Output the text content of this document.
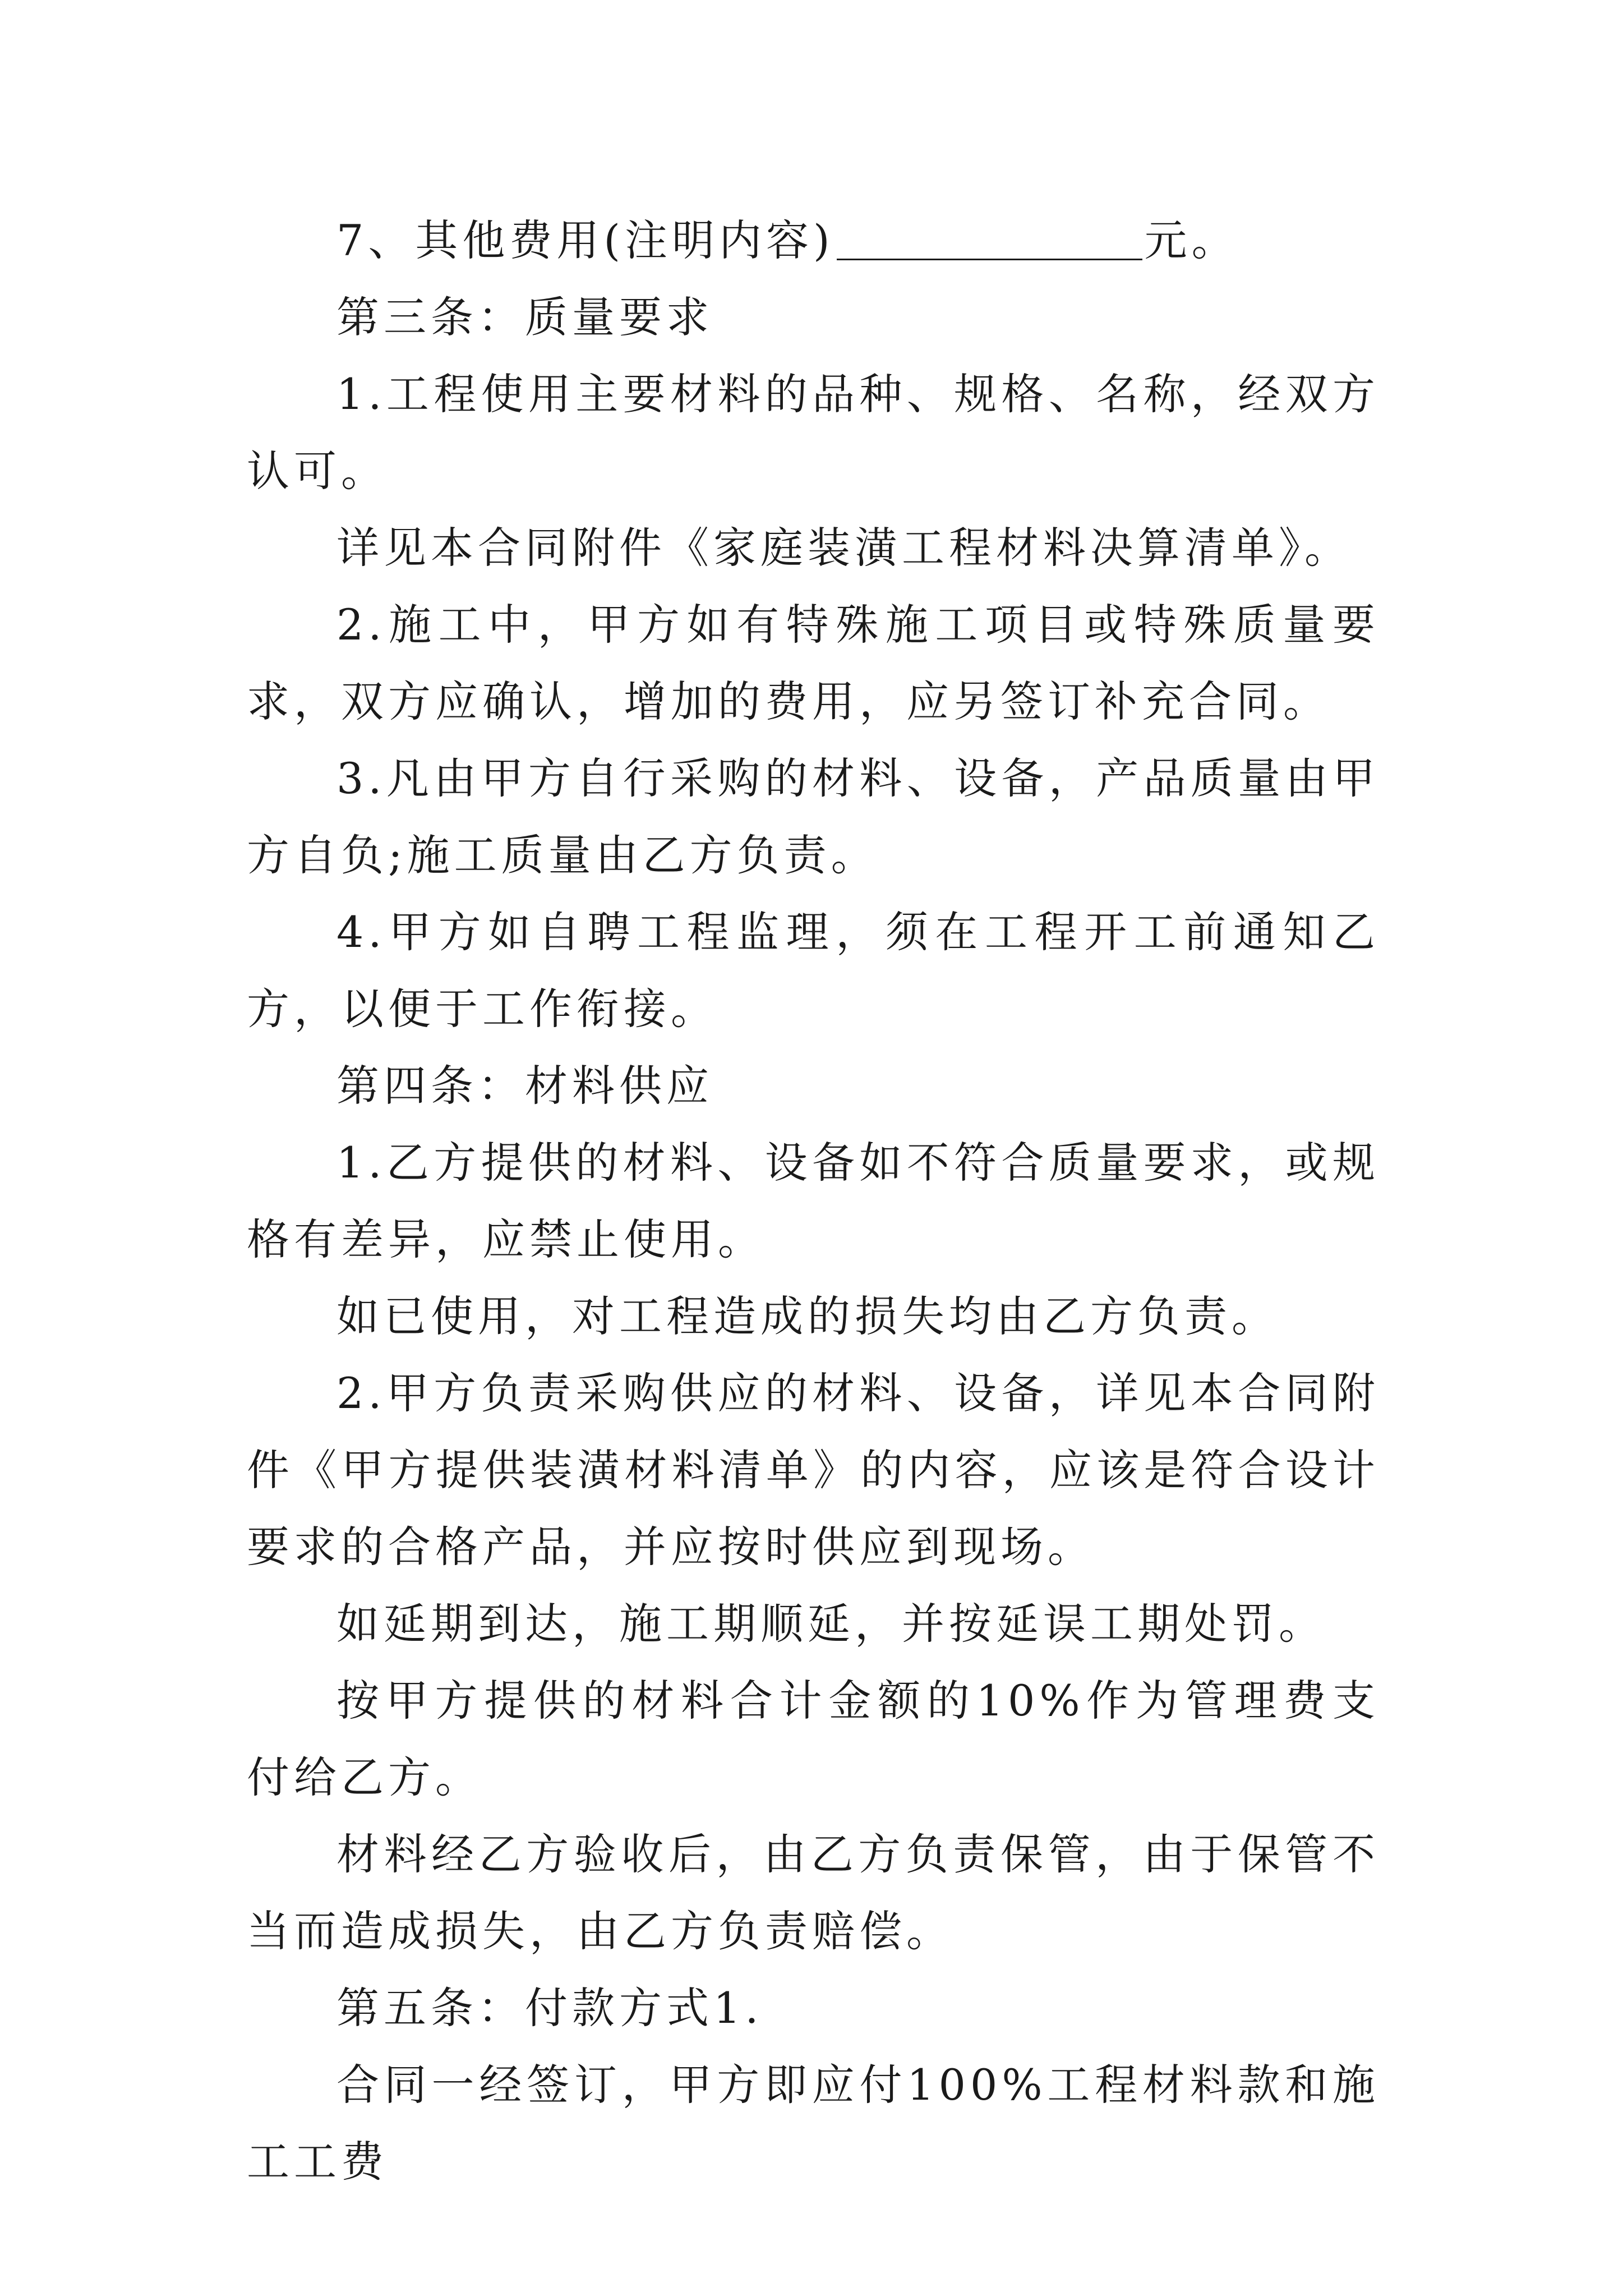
7、其他费用(注明内容)	元。

第三条：质量要求

1.工程使用主要材料的品种、规格、名称，经双方认可。

详见本合同附件《家庭装潢工程材料决算清单》。

2.施工中，甲方如有特殊施工项目或特殊质量要求，双方应确认，增加的费用，应另签订补充合同。

3.凡由甲方自行采购的材料、设备，产品质量由甲方自负;施工质量由乙方负责。

4.甲方如自聘工程监理，须在工程开工前通知乙方，以便于工作衔接。

第四条：材料供应

1.乙方提供的材料、设备如不符合质量要求，或规格有差异，应禁止使用。

如已使用，对工程造成的损失均由乙方负责。

2.甲方负责采购供应的材料、设备，详见本合同附件《甲方提供装潢材料清单》的内容，应该是符合设计要求的合格产品，并应按时供应到现场。

如延期到达，施工期顺延，并按延误工期处罚。

按甲方提供的材料合计金额的10%作为管理费支付给乙方。

材料经乙方验收后，由乙方负责保管，由于保管不当而造成损失，由乙方负责赔偿。

第五条：付款方式1.

合同一经签订，甲方即应付100%工程材料款和施工工费
